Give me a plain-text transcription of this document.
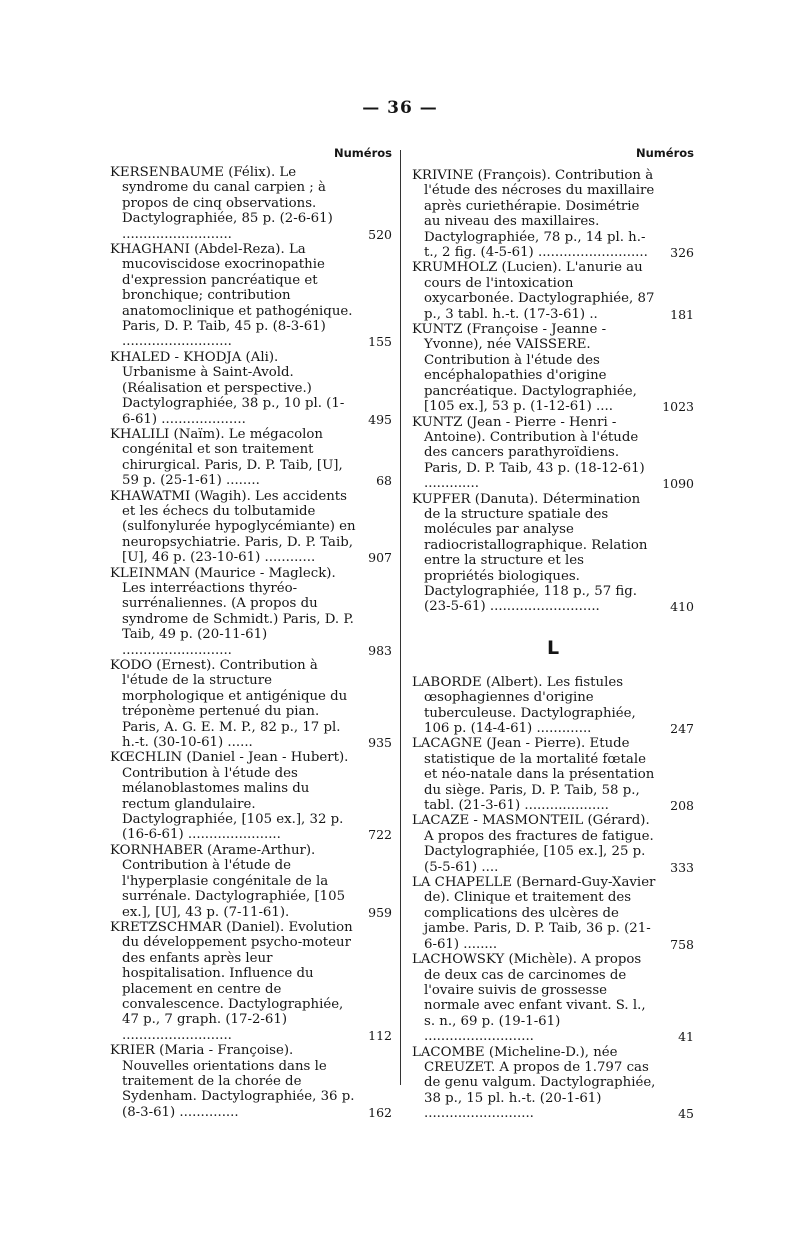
— 36 —
Numéros
KERSENBAUME (Félix). Le syndrome du canal carpien ; à propos de cinq observations. Dactylographiée, 85 p. (2-6-61) ..........................	520
KHAGHANI (Abdel-Reza). La mucoviscidose exocrinopathie d'expression pancréatique et bronchique; contribution anatomoclinique et pathogénique. Paris, D. P. Taib, 45 p. (8-3-61) ..........................	155
KHALED - KHODJA (Ali). Urbanisme à Saint-Avold. (Réalisation et perspective.) Dactylographiée, 38 p., 10 pl. (1-6-61) ....................	495
KHALILI (Naïm). Le mégacolon congénital et son traitement chirurgical. Paris, D. P. Taib, [U], 59 p. (25-1-61) ........	68
KHAWATMI (Wagih). Les accidents et les échecs du tolbutamide (sulfonylurée hypoglycémiante) en neuropsychiatrie. Paris, D. P. Taib, [U], 46 p. (23-10-61) ............	907
KLEINMAN (Maurice - Magleck). Les interréactions thyréo-surrénaliennes. (A propos du syndrome de Schmidt.) Paris, D. P. Taib, 49 p. (20-11-61) ..........................	983
KODO (Ernest). Contribution à l'étude de la structure morphologique et antigénique du tréponème pertenué du pian. Paris, A. G. E. M. P., 82 p., 17 pl. h.-t. (30-10-61) ......	935
KŒCHLIN (Daniel - Jean - Hubert). Contribution à l'étude des mélanoblastomes malins du rectum glandulaire. Dactylographiée, [105 ex.], 32 p. (16-6-61) ......................	722
KORNHABER (Arame-Arthur). Contribution à l'étude de l'hyperplasie congénitale de la surrénale. Dactylographiée, [105 ex.], [U], 43 p. (7-11-61).	959
KRETZSCHMAR (Daniel). Evolution du développement psycho-moteur des enfants après leur hospitalisation. Influence du placement en centre de convalescence. Dactylographiée, 47 p., 7 graph. (17-2-61) ..........................	112
KRIER (Maria - Françoise). Nouvelles orientations dans le traitement de la chorée de Sydenham. Dactylographiée, 36 p. (8-3-61) ..............	162
Numéros
KRIVINE (François). Contribution à l'étude des nécroses du maxillaire après curiethérapie. Dosimétrie au niveau des maxillaires. Dactylographiée, 78 p., 14 pl. h.-t., 2 fig. (4-5-61) .......................... 326
KRUMHOLZ (Lucien). L'anurie au cours de l'intoxication oxycarbonée. Dactylographiée, 87 p., 3 tabl. h.-t. (17-3-61) ..	181
KUNTZ (Françoise - Jeanne - Yvonne), née VAISSERE. Contribution à l'étude des encéphalopathies d'origine pancréatique. Dactylographiée, [105 ex.], 53 p. (1-12-61) ....	1023
KUNTZ (Jean - Pierre - Henri - Antoine). Contribution à l'étude des cancers parathyroïdiens. Paris, D. P. Taib, 43 p. (18-12-61) .............	1090
KUPFER (Danuta). Détermination de la structure spatiale des molécules par analyse radiocristallographique. Relation entre la structure et les propriétés biologiques. Dactylographiée, 118 p., 57 fig. (23-5-61) ..........................	410
L
LABORDE (Albert). Les fistules œsophagiennes d'origine tuberculeuse. Dactylographiée, 106 p. (14-4-61) .............	247
LACAGNE (Jean - Pierre). Etude statistique de la mortalité fœtale et néo-natale dans la présentation du siège. Paris, D. P. Taib, 58 p., tabl. (21-3-61) ....................	208
LACAZE - MASMONTEIL (Gérard). A propos des fractures de fatigue. Dactylographiée, [105 ex.], 25 p. (5-5-61) ....	333
LA CHAPELLE (Bernard-Guy-Xavier de). Clinique et traitement des complications des ulcères de jambe. Paris, D. P. Taib, 36 p. (21-6-61) ........	758
LACHOWSKY (Michèle). A propos de deux cas de carcinomes de l'ovaire suivis de grossesse normale avec enfant vivant. S. l., s. n., 69 p. (19-1-61) ..........................	41
LACOMBE (Micheline-D.), née CREUZET. A propos de 1.797 cas de genu valgum. Dactylographiée, 38 p., 15 pl. h.-t. (20-1-61) ..........................	45
